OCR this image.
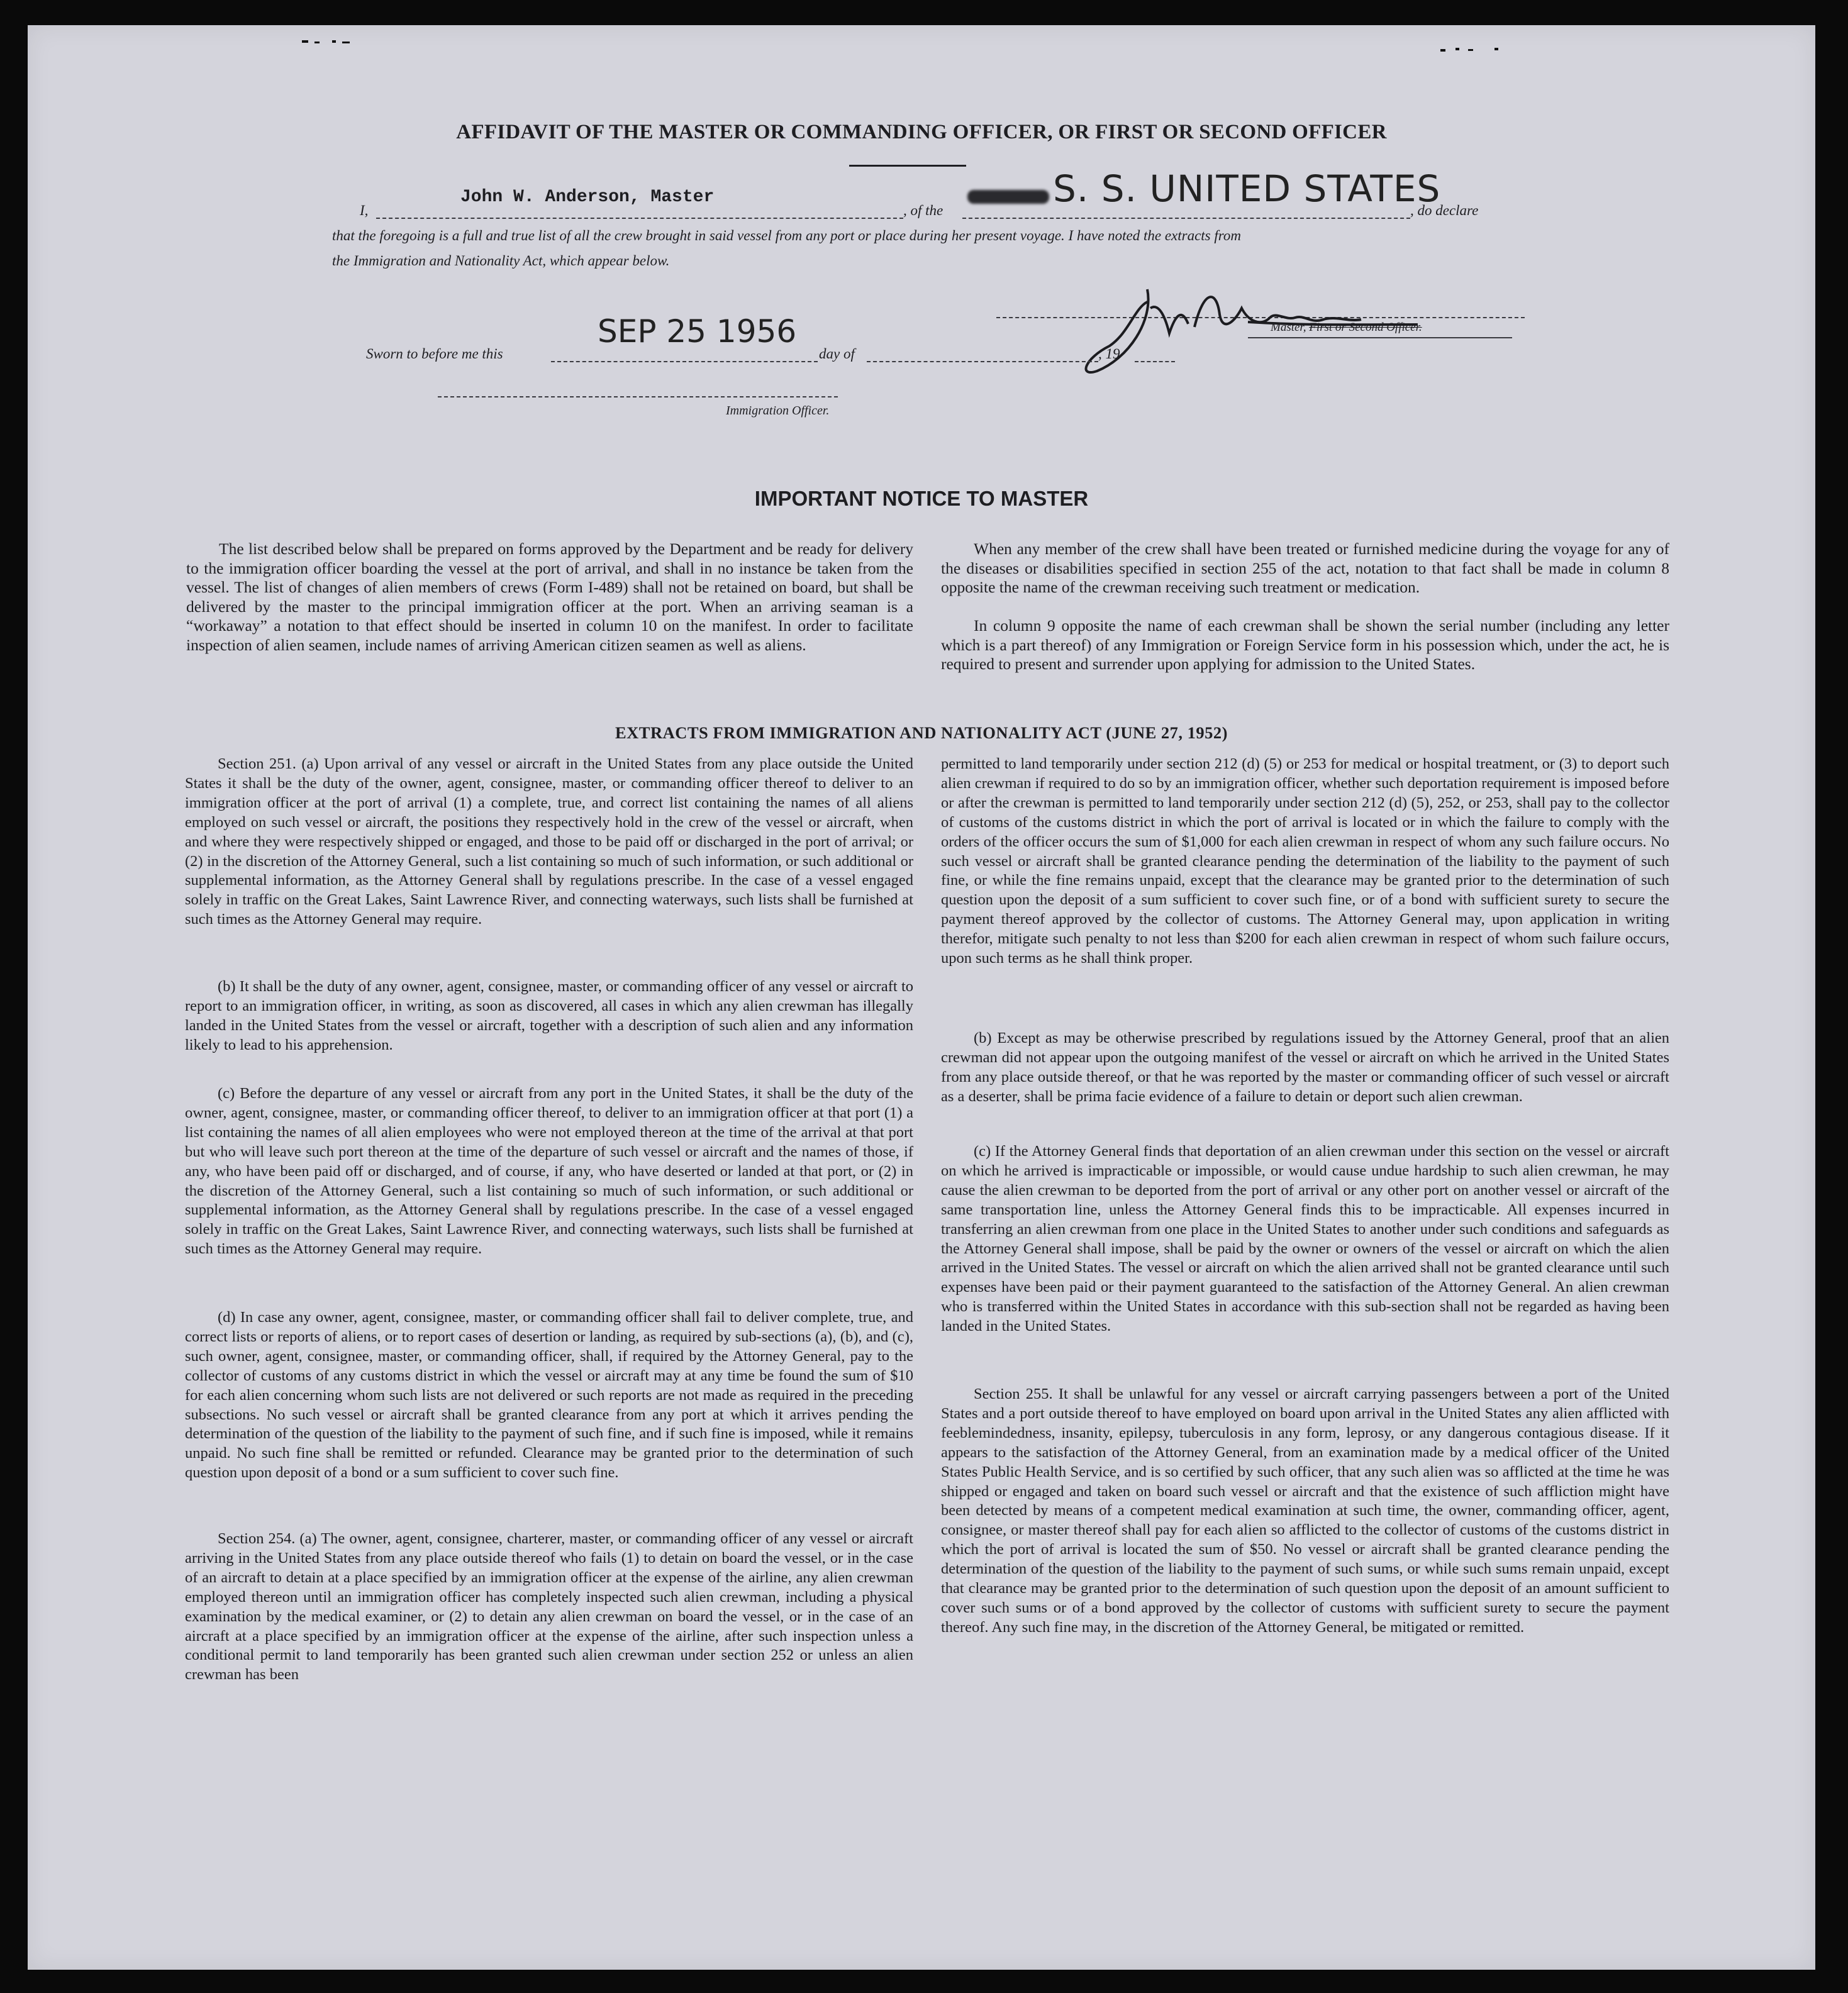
AFFIDAVIT OF THE MASTER OR COMMANDING OFFICER, OR FIRST OR SECOND OFFICER
I,
John W. Anderson, Master
, of the
S. S. UNITED STATES
, do declare
that the foregoing is a full and true list of all the crew brought in said vessel from any port or place during her present voyage. I have noted the extracts from
the Immigration and Nationality Act, which appear below.
Master, First or Second Officer.
Sworn to before me this
SEP 25 1956
day of	, 19
Immigration Officer.
IMPORTANT NOTICE TO MASTER

The list described below shall be prepared on forms approved by the Department and be ready for delivery to the immigration officer boarding the vessel at the port of arrival, and shall in no instance be taken from the vessel. The list of changes of alien members of crews (Form I-489) shall not be retained on board, but shall be delivered by the master to the principal immigration officer at the port. When an arriving seaman is a “workaway” a notation to that effect should be inserted in column 10 on the manifest. In order to facilitate inspection of alien seamen, include names of arriving American citizen seamen as well as aliens.

When any member of the crew shall have been treated or furnished medicine during the voyage for any of the diseases or disabilities specified in section 255 of the act, notation to that fact shall be made in column 8 opposite the name of the crewman receiving such treatment or medication.

In column 9 opposite the name of each crewman shall be shown the serial number (including any letter which is a part thereof) of any Immigration or Foreign Service form in his possession which, under the act, he is required to present and surrender upon applying for admission to the United States.

EXTRACTS FROM IMMIGRATION AND NATIONALITY ACT (JUNE 27, 1952)

Section 251. (a) Upon arrival of any vessel or aircraft in the United States from any place outside the United States it shall be the duty of the owner, agent, consignee, master, or commanding officer thereof to deliver to an immigration officer at the port of arrival (1) a complete, true, and correct list containing the names of all aliens employed on such vessel or aircraft, the positions they respectively hold in the crew of the vessel or aircraft, when and where they were respectively shipped or engaged, and those to be paid off or discharged in the port of arrival; or (2) in the discretion of the Attorney General, such a list containing so much of such information, or such additional or supplemental information, as the Attorney General shall by regulations prescribe. In the case of a vessel engaged solely in traffic on the Great Lakes, Saint Lawrence River, and connecting waterways, such lists shall be furnished at such times as the Attorney General may require.

(b) It shall be the duty of any owner, agent, consignee, master, or commanding officer of any vessel or aircraft to report to an immigration officer, in writing, as soon as discovered, all cases in which any alien crewman has illegally landed in the United States from the vessel or aircraft, together with a description of such alien and any information likely to lead to his apprehension.

(c) Before the departure of any vessel or aircraft from any port in the United States, it shall be the duty of the owner, agent, consignee, master, or commanding officer thereof, to deliver to an immigration officer at that port (1) a list containing the names of all alien employees who were not employed thereon at the time of the arrival at that port but who will leave such port thereon at the time of the departure of such vessel or aircraft and the names of those, if any, who have been paid off or discharged, and of course, if any, who have deserted or landed at that port, or (2) in the discretion of the Attorney General, such a list containing so much of such information, or such additional or supplemental information, as the Attorney General shall by regulations prescribe. In the case of a vessel engaged solely in traffic on the Great Lakes, Saint Lawrence River, and connecting waterways, such lists shall be furnished at such times as the Attorney General may require.

(d) In case any owner, agent, consignee, master, or commanding officer shall fail to deliver complete, true, and correct lists or reports of aliens, or to report cases of desertion or landing, as required by sub-sections (a), (b), and (c), such owner, agent, consignee, master, or commanding officer, shall, if required by the Attorney General, pay to the collector of customs of any customs district in which the vessel or aircraft may at any time be found the sum of $10 for each alien concerning whom such lists are not delivered or such reports are not made as required in the preceding subsections. No such vessel or aircraft shall be granted clearance from any port at which it arrives pending the determination of the question of the liability to the payment of such fine, and if such fine is imposed, while it remains unpaid. No such fine shall be remitted or refunded. Clearance may be granted prior to the determination of such question upon deposit of a bond or a sum sufficient to cover such fine.

Section 254. (a) The owner, agent, consignee, charterer, master, or commanding officer of any vessel or aircraft arriving in the United States from any place outside thereof who fails (1) to detain on board the vessel, or in the case of an aircraft to detain at a place specified by an immigration officer at the expense of the airline, any alien crewman employed thereon until an immigration officer has completely inspected such alien crewman, including a physical examination by the medical examiner, or (2) to detain any alien crewman on board the vessel, or in the case of an aircraft at a place specified by an immigration officer at the expense of the airline, after such inspection unless a conditional permit to land temporarily has been granted such alien crewman under section 252 or unless an alien crewman has been

permitted to land temporarily under section 212 (d) (5) or 253 for medical or hospital treatment, or (3) to deport such alien crewman if required to do so by an immigration officer, whether such deportation requirement is imposed before or after the crewman is permitted to land temporarily under section 212 (d) (5), 252, or 253, shall pay to the collector of customs of the customs district in which the port of arrival is located or in which the failure to comply with the orders of the officer occurs the sum of $1,000 for each alien crewman in respect of whom any such failure occurs. No such vessel or aircraft shall be granted clearance pending the determination of the liability to the payment of such fine, or while the fine remains unpaid, except that the clearance may be granted prior to the determination of such question upon the deposit of a sum sufficient to cover such fine, or of a bond with sufficient surety to secure the payment thereof approved by the collector of customs. The Attorney General may, upon application in writing therefor, mitigate such penalty to not less than $200 for each alien crewman in respect of whom such failure occurs, upon such terms as he shall think proper.

(b) Except as may be otherwise prescribed by regulations issued by the Attorney General, proof that an alien crewman did not appear upon the outgoing manifest of the vessel or aircraft on which he arrived in the United States from any place outside thereof, or that he was reported by the master or commanding officer of such vessel or aircraft as a deserter, shall be prima facie evidence of a failure to detain or deport such alien crewman.

(c) If the Attorney General finds that deportation of an alien crewman under this section on the vessel or aircraft on which he arrived is impracticable or impossible, or would cause undue hardship to such alien crewman, he may cause the alien crewman to be deported from the port of arrival or any other port on another vessel or aircraft of the same transportation line, unless the Attorney General finds this to be impracticable. All expenses incurred in transferring an alien crewman from one place in the United States to another under such conditions and safeguards as the Attorney General shall impose, shall be paid by the owner or owners of the vessel or aircraft on which the alien arrived in the United States. The vessel or aircraft on which the alien arrived shall not be granted clearance until such expenses have been paid or their payment guaranteed to the satisfaction of the Attorney General. An alien crewman who is transferred within the United States in accordance with this sub-section shall not be regarded as having been landed in the United States.

Section 255. It shall be unlawful for any vessel or aircraft carrying passengers between a port of the United States and a port outside thereof to have employed on board upon arrival in the United States any alien afflicted with feeblemindedness, insanity, epilepsy, tuberculosis in any form, leprosy, or any dangerous contagious disease. If it appears to the satisfaction of the Attorney General, from an examination made by a medical officer of the United States Public Health Service, and is so certified by such officer, that any such alien was so afflicted at the time he was shipped or engaged and taken on board such vessel or aircraft and that the existence of such affliction might have been detected by means of a competent medical examination at such time, the owner, commanding officer, agent, consignee, or master thereof shall pay for each alien so afflicted to the collector of customs of the customs district in which the port of arrival is located the sum of $50. No vessel or aircraft shall be granted clearance pending the determination of the question of the liability to the payment of such sums, or while such sums remain unpaid, except that clearance may be granted prior to the determination of such question upon the deposit of an amount sufficient to cover such sums or of a bond approved by the collector of customs with sufficient surety to secure the payment thereof. Any such fine may, in the discretion of the Attorney General, be mitigated or remitted.
